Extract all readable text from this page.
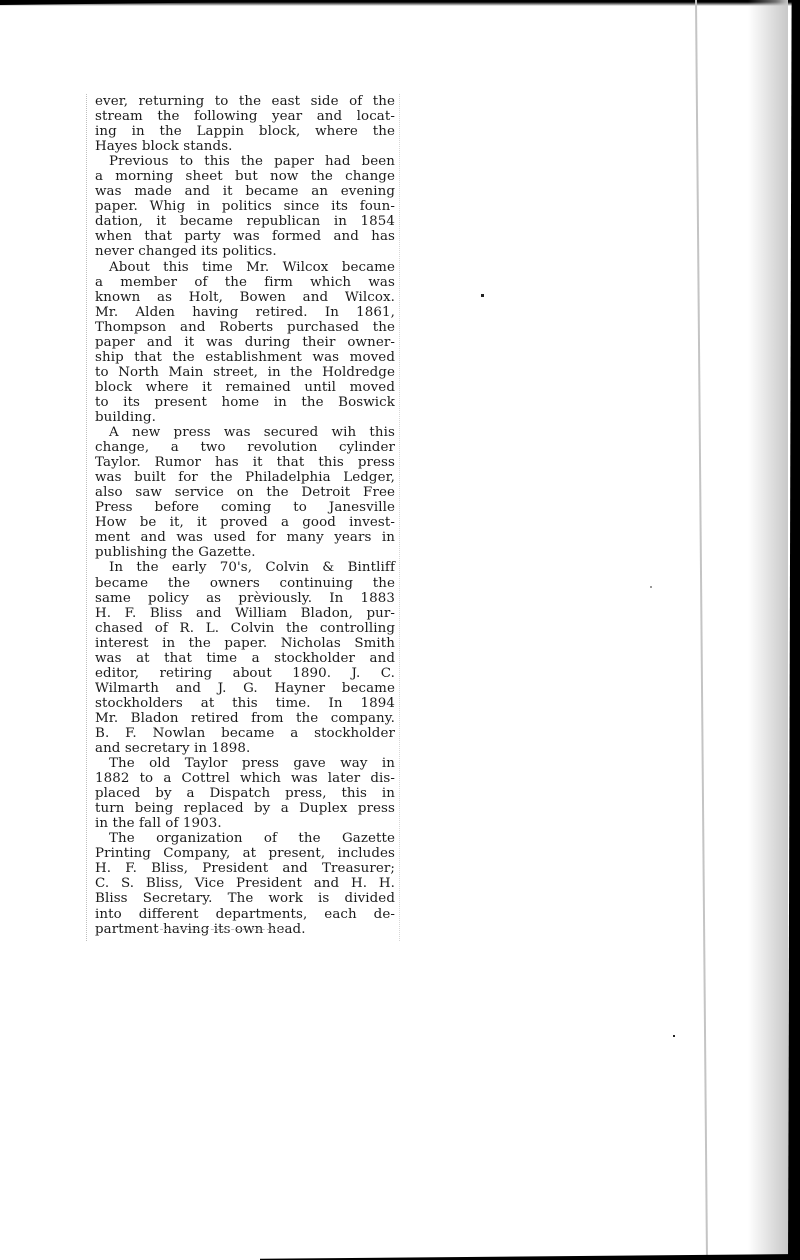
ever, returning to the east side of the
stream the following year and locat-
ing in the Lappin block, where the
Hayes block stands.
Previous to this the paper had been
a morning sheet but now the change
was made and it became an evening
paper. Whig in politics since its foun-
dation, it became republican in 1854
when that party was formed and has
never changed its politics.
About this time Mr. Wilcox became
a member of the firm which was
known as Holt, Bowen and Wilcox.
Mr. Alden having retired. In 1861,
Thompson and Roberts purchased the
paper and it was during their owner-
ship that the establishment was moved
to North Main street, in the Holdredge
block where it remained until moved
to its present home in the Boswick
building.
A new press was secured wih this
change, a two revolution cylinder
Taylor. Rumor has it that this press
was built for the Philadelphia Ledger,
also saw service on the Detroit Free
Press before coming to Janesville
How be it, it proved a good invest-
ment and was used for many years in
publishing the Gazette.
In the early 70's, Colvin & Bintliff
became the owners continuing the
same policy as prèviously. In 1883
H. F. Bliss and William Bladon, pur-
chased of R. L. Colvin the controlling
interest in the paper. Nicholas Smith
was at that time a stockholder and
editor, retiring about 1890. J. C.
Wilmarth and J. G. Hayner became
stockholders at this time. In 1894
Mr. Bladon retired from the company.
B. F. Nowlan became a stockholder
and secretary in 1898.
The old Taylor press gave way in
1882 to a Cottrel which was later dis-
placed by a Dispatch press, this in
turn being replaced by a Duplex press
in the fall of 1903.
The organization of the Gazette
Printing Company, at present, includes
H. F. Bliss, President and Treasurer;
C. S. Bliss, Vice President and H. H.
Bliss Secretary. The work is divided
into different departments, each de-
partment having its own head.
